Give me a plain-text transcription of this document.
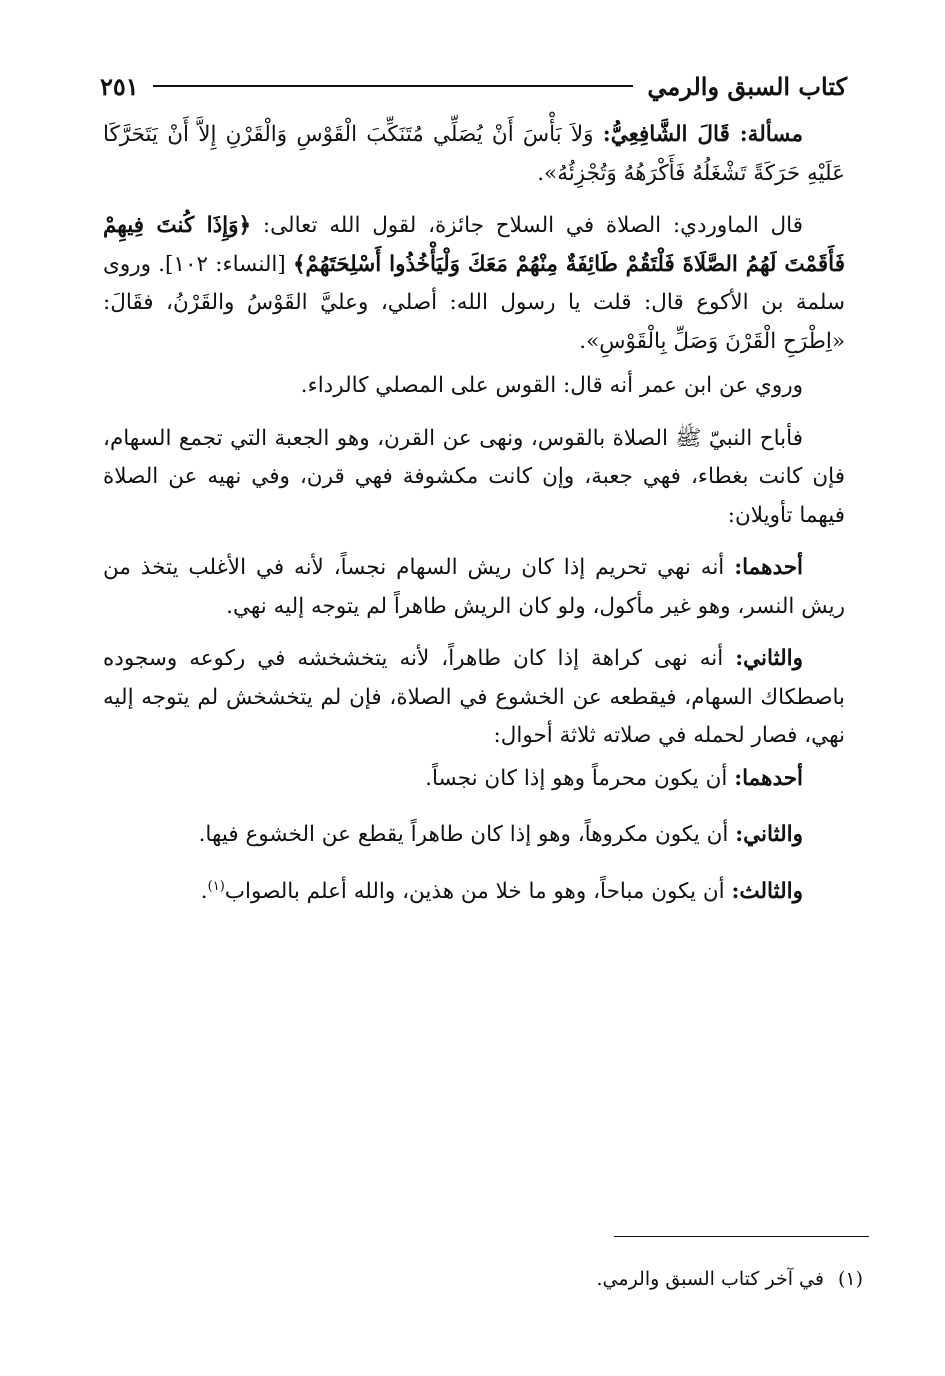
كتاب السبق والرمي
٢٥١

مسألة: قَالَ الشَّافِعِيُّ: وَلاَ بَأْسَ أَنْ يُصَلِّي مُتَنَكِّبَ الْقَوْسِ وَالْقَرْنِ إِلاَّ أَنْ يَتَحَرَّكَا عَلَيْهِ حَرَكَةً تَشْغَلُهُ فَأَكْرَهُهُ وَتُجْزِئُهُ».

قال الماوردي: الصلاة في السلاح جائزة، لقول الله تعالى: ﴿وَإِذَا كُنتَ فِيهِمْ فَأَقَمْتَ لَهُمُ الصَّلَاةَ فَلْتَقُمْ طَائِفَةٌ مِنْهُمْ مَعَكَ وَلْيَأْخُذُوا أَسْلِحَتَهُمْ﴾ [النساء: ١٠٢]. وروى سلمة بن الأكوع قال: قلت يا رسول الله: أصلي، وعليَّ القَوْسُ والقَرْنُ، فقَالَ: «اِطْرَحِ الْقَرْنَ وَصَلِّ بِالْقَوْسِ».

وروي عن ابن عمر أنه قال: القوس على المصلي كالرداء.

فأباح النبيّ ﷺ الصلاة بالقوس، ونهى عن القرن، وهو الجعبة التي تجمع السهام، فإن كانت بغطاء، فهي جعبة، وإن كانت مكشوفة فهي قرن، وفي نهيه عن الصلاة فيهما تأويلان:

أحدهما: أنه نهي تحريم إذا كان ريش السهام نجساً، لأنه في الأغلب يتخذ من ريش النسر، وهو غير مأكول، ولو كان الريش طاهراً لم يتوجه إليه نهي.

والثاني: أنه نهى كراهة إذا كان طاهراً، لأنه يتخشخشه في ركوعه وسجوده باصطكاك السهام، فيقطعه عن الخشوع في الصلاة، فإن لم يتخشخش لم يتوجه إليه نهي، فصار لحمله في صلاته ثلاثة أحوال:

أحدهما: أن يكون محرماً وهو إذا كان نجساً.

والثاني: أن يكون مكروهاً، وهو إذا كان طاهراً يقطع عن الخشوع فيها.

والثالث: أن يكون مباحاً، وهو ما خلا من هذين، والله أعلم بالصواب$^{(١)}$.

(١)في آخر كتاب السبق والرمي.
